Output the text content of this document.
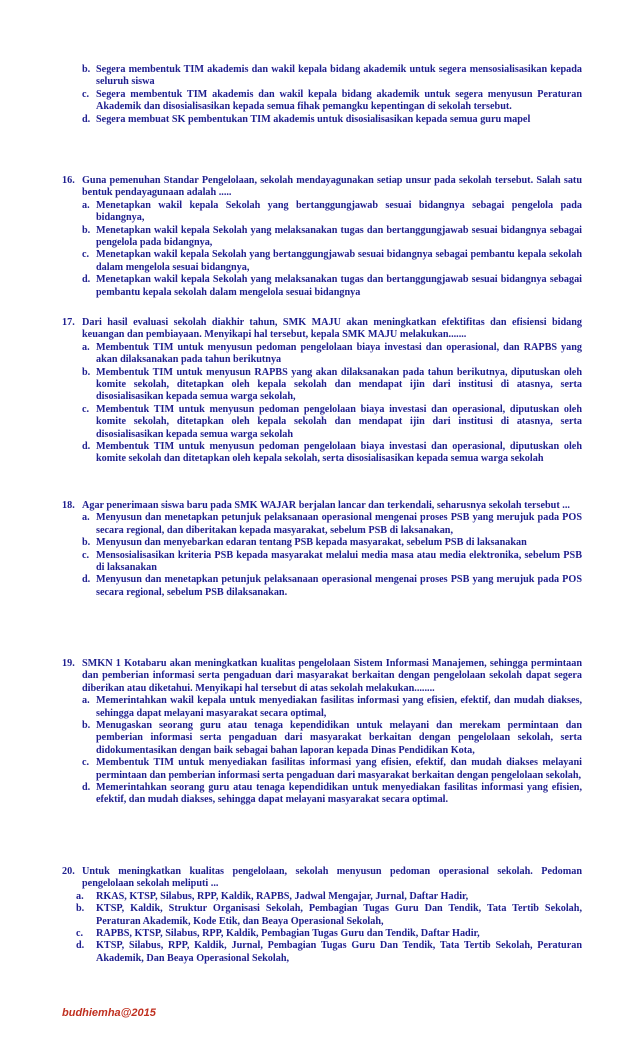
b. Segera membentuk TIM akademis dan wakil kepala bidang akademik untuk segera mensosialisasikan kepada seluruh siswa
c. Segera membentuk TIM akademis dan wakil kepala bidang akademik untuk segera menyusun Peraturan Akademik dan disosialisasikan kepada semua fihak pemangku kepentingan di sekolah tersebut.
d. Segera membuat SK pembentukan TIM akademis untuk disosialisasikan kepada semua guru mapel
16. Guna pemenuhan Standar Pengelolaan, sekolah mendayagunakan setiap unsur pada sekolah tersebut. Salah satu bentuk pendayagunaan adalah .....
a. Menetapkan wakil kepala Sekolah yang bertanggungjawab sesuai bidangnya sebagai pengelola pada bidangnya,
b. Menetapkan wakil kepala Sekolah yang melaksanakan tugas dan bertanggungjawab sesuai bidangnya sebagai pengelola pada bidangnya,
c. Menetapkan wakil kepala Sekolah yang bertanggungjawab sesuai bidangnya sebagai pembantu kepala sekolah dalam mengelola sesuai bidangnya,
d. Menetapkan wakil kepala Sekolah yang melaksanakan tugas dan bertanggungjawab sesuai bidangnya sebagai pembantu kepala sekolah dalam mengelola sesuai bidangnya
17. Dari hasil evaluasi sekolah diakhir tahun, SMK MAJU akan meningkatkan efektifitas dan efisiensi bidang keuangan dan pembiayaan. Menyikapi hal tersebut, kepala SMK MAJU melakukan.......
a. Membentuk TIM untuk menyusun pedoman pengelolaan biaya investasi dan operasional, dan RAPBS yang akan dilaksanakan pada tahun berikutnya
b. Membentuk TIM untuk menyusun RAPBS yang akan dilaksanakan pada tahun berikutnya, diputuskan oleh komite sekolah, ditetapkan oleh kepala sekolah dan mendapat ijin dari institusi di atasnya, serta disosialisasikan kepada semua warga sekolah,
c. Membentuk TIM untuk menyusun pedoman pengelolaan biaya investasi dan operasional, diputuskan oleh komite sekolah, ditetapkan oleh kepala sekolah dan mendapat ijin dari institusi di atasnya, serta disosialisasikan kepada semua warga sekolah
d. Membentuk TIM untuk menyusun pedoman pengelolaan biaya investasi dan operasional, diputuskan oleh komite sekolah dan ditetapkan oleh kepala sekolah, serta disosialisasikan kepada semua warga sekolah
18. Agar penerimaan siswa baru pada SMK WAJAR berjalan lancar dan terkendali, seharusnya sekolah tersebut ...
a. Menyusun dan menetapkan petunjuk pelaksanaan operasional mengenai proses PSB yang merujuk pada POS secara regional, dan diberitakan kepada masyarakat, sebelum PSB di laksanakan,
b. Menyusun dan menyebarkan edaran tentang PSB kepada masyarakat, sebelum PSB di laksanakan
c. Mensosialisasikan kriteria PSB kepada masyarakat melalui media masa atau media elektronika, sebelum PSB di laksanakan
d. Menyusun dan menetapkan petunjuk pelaksanaan operasional mengenai proses PSB yang merujuk pada POS secara regional, sebelum PSB dilaksanakan.
19. SMKN 1 Kotabaru akan meningkatkan kualitas pengelolaan Sistem Informasi Manajemen, sehingga permintaan dan pemberian informasi serta pengaduan dari masyarakat berkaitan dengan pengelolaan sekolah dapat segera diberikan atau diketahui. Menyikapi hal tersebut di atas sekolah melakukan........
a. Memerintahkan wakil kepala untuk menyediakan fasilitas informasi yang efisien, efektif, dan mudah diakses, sehingga dapat melayani masyarakat secara optimal,
b. Menugaskan seorang guru atau tenaga kependidikan untuk melayani dan merekam permintaan dan pemberian informasi serta pengaduan dari masyarakat berkaitan dengan pengelolaan sekolah, serta didokumentasikan dengan baik sebagai bahan laporan kepada Dinas Pendidikan Kota,
c. Membentuk TIM untuk menyediakan fasilitas informasi yang efisien, efektif, dan mudah diakses melayani permintaan dan pemberian informasi serta pengaduan dari masyarakat berkaitan dengan pengelolaan sekolah,
d. Memerintahkan seorang guru atau tenaga kependidikan untuk menyediakan fasilitas informasi yang efisien, efektif, dan mudah diakses, sehingga dapat melayani masyarakat secara optimal.
20. Untuk meningkatkan kualitas pengelolaan, sekolah menyusun pedoman operasional sekolah. Pedoman pengelolaan sekolah meliputi ...
a. RKAS, KTSP, Silabus, RPP, Kaldik, RAPBS, Jadwal Mengajar, Jurnal, Daftar Hadir,
b. KTSP, Kaldik, Struktur Organisasi Sekolah, Pembagian Tugas Guru Dan Tendik, Tata Tertib Sekolah, Peraturan Akademik, Kode Etik, dan Beaya Operasional Sekolah,
c. RAPBS, KTSP, Silabus, RPP, Kaldik, Pembagian Tugas Guru dan Tendik, Daftar Hadir,
d. KTSP, Silabus, RPP, Kaldik, Jurnal, Pembagian Tugas Guru Dan Tendik, Tata Tertib Sekolah, Peraturan Akademik, Dan Beaya Operasional Sekolah,
budhiemha@2015
